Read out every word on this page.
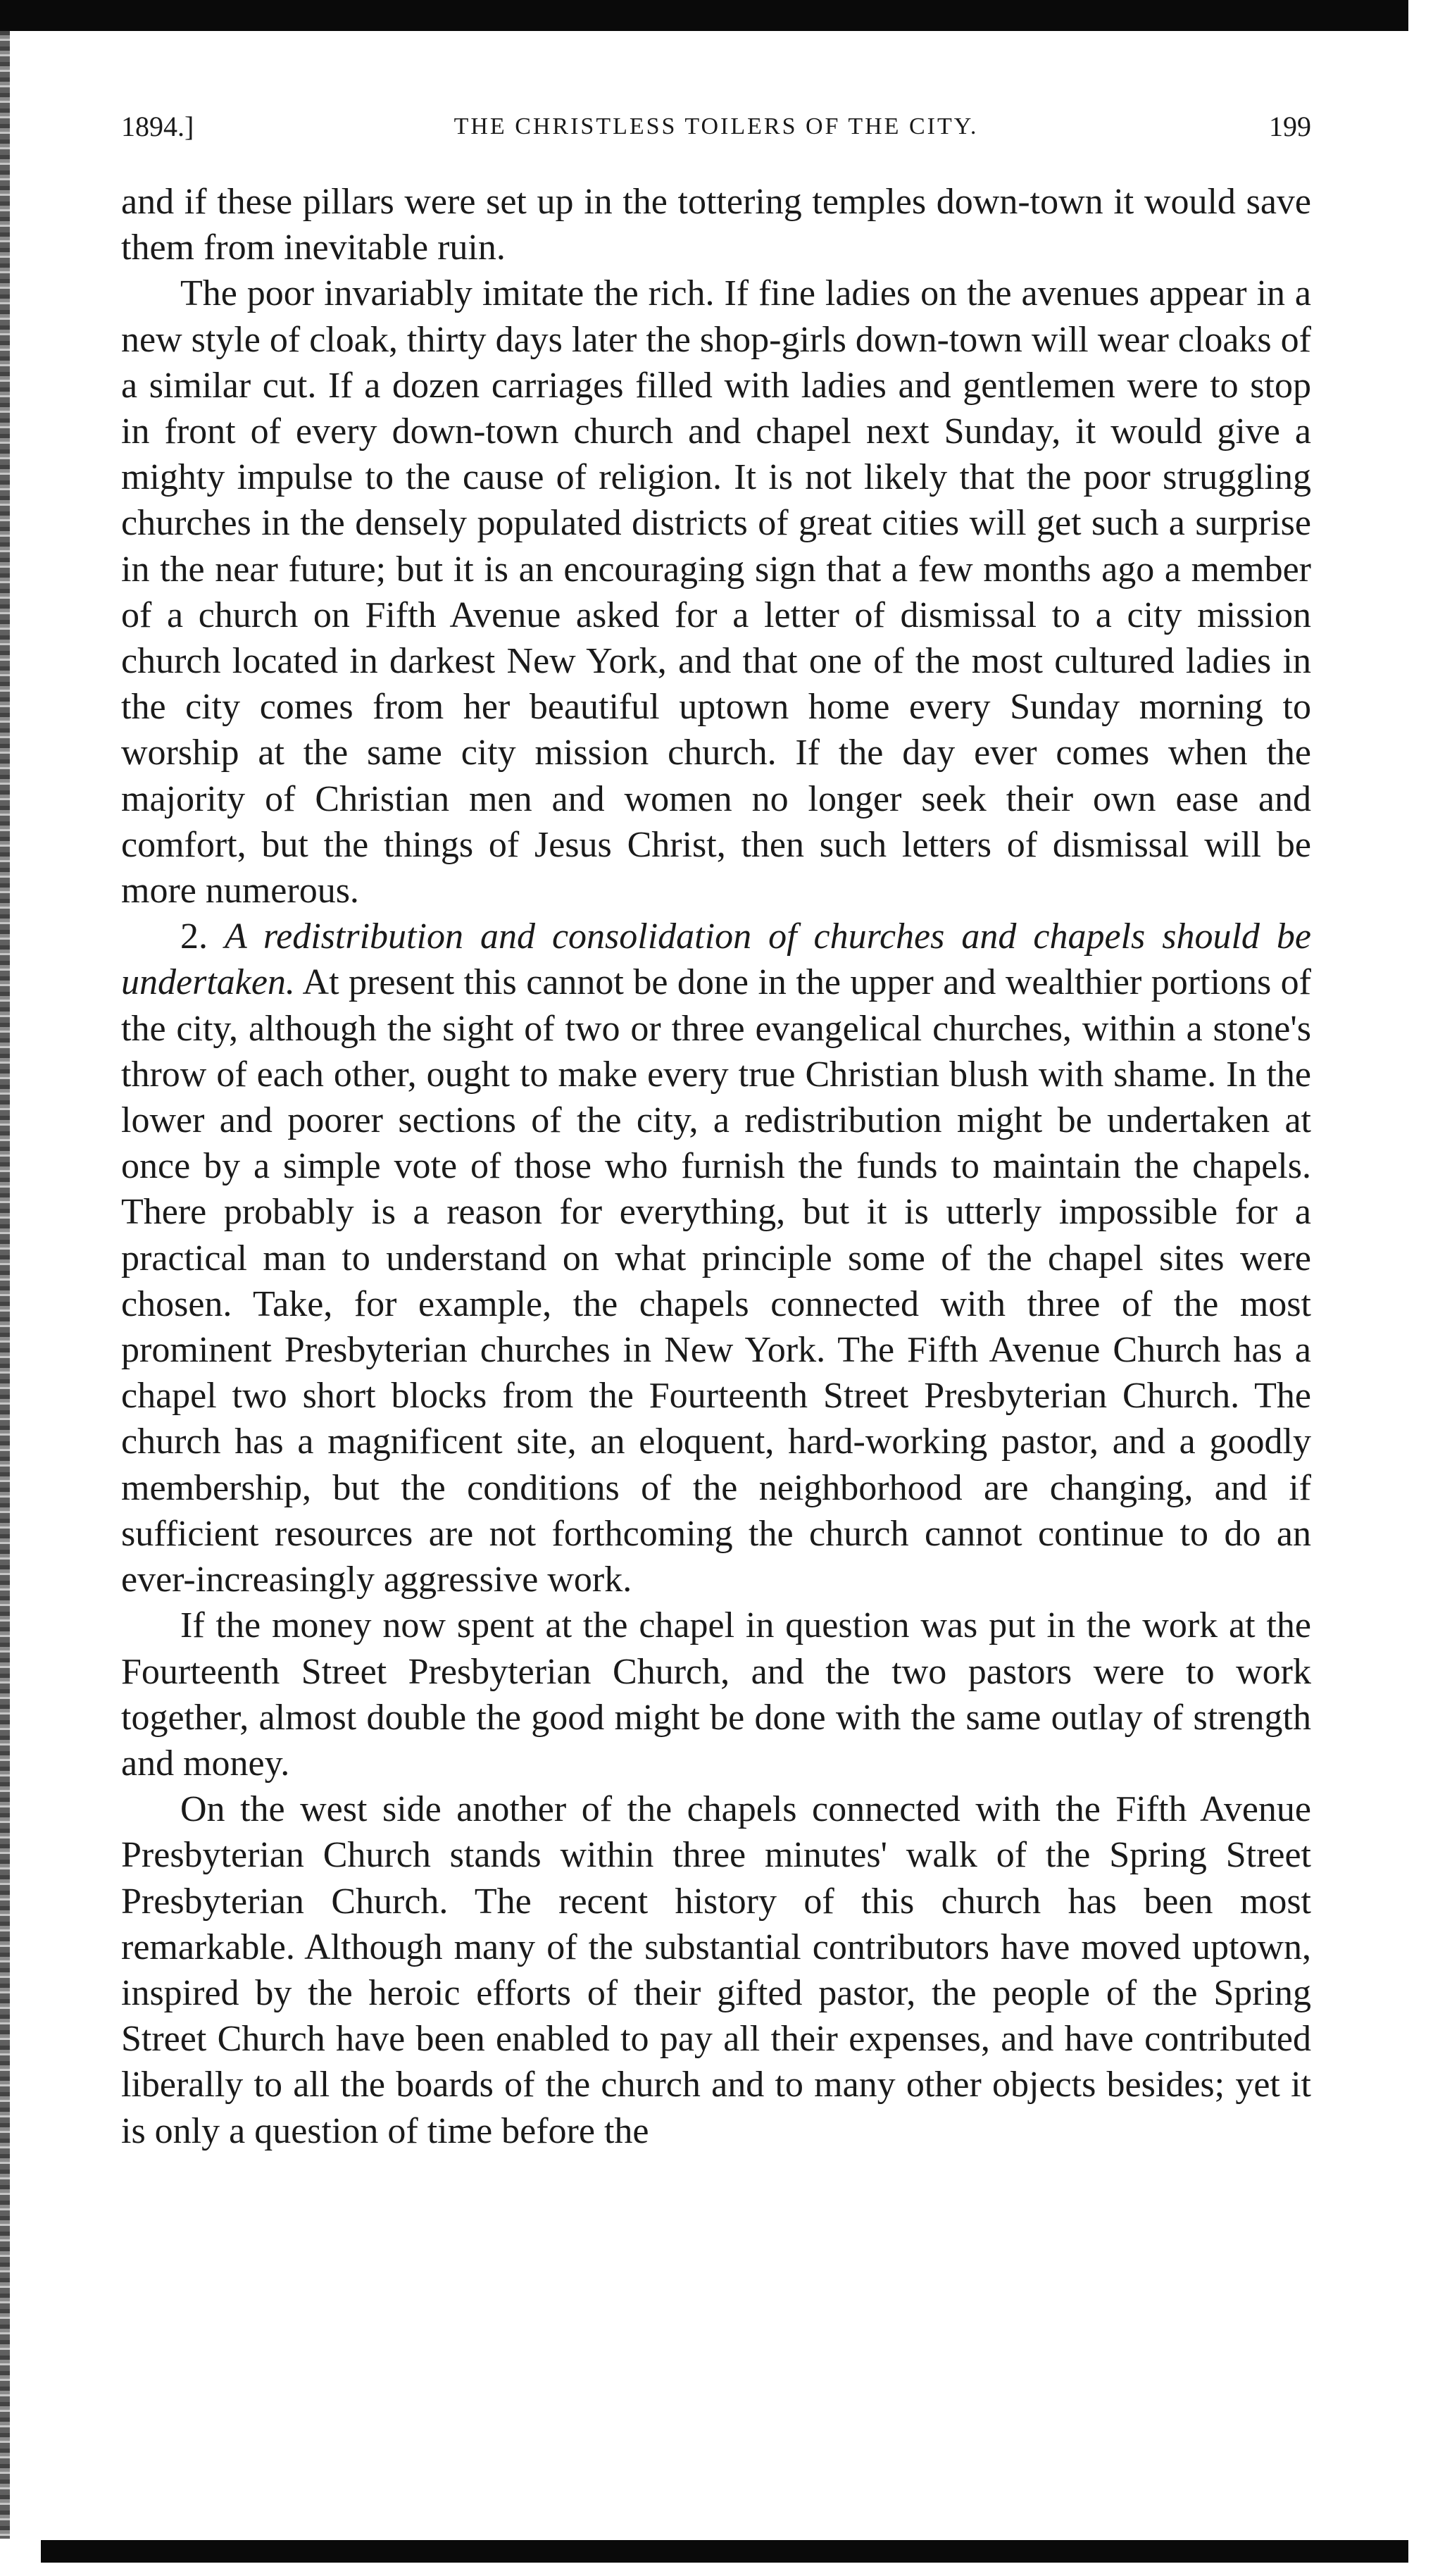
1894.]	THE CHRISTLESS TOILERS OF THE CITY.	199

and if these pillars were set up in the tottering temples down-town it would save them from inevitable ruin.

The poor invariably imitate the rich. If fine ladies on the avenues appear in a new style of cloak, thirty days later the shop-girls down-town will wear cloaks of a similar cut. If a dozen carriages filled with ladies and gentlemen were to stop in front of every down-town church and chapel next Sunday, it would give a mighty impulse to the cause of religion. It is not likely that the poor struggling churches in the densely populated districts of great cities will get such a surprise in the near future; but it is an encouraging sign that a few months ago a member of a church on Fifth Avenue asked for a letter of dismissal to a city mission church located in darkest New York, and that one of the most cultured ladies in the city comes from her beautiful uptown home every Sunday morning to worship at the same city mission church. If the day ever comes when the majority of Christian men and women no longer seek their own ease and comfort, but the things of Jesus Christ, then such letters of dismissal will be more numerous.

2. A redistribution and consolidation of churches and chapels should be undertaken. At present this cannot be done in the upper and wealthier portions of the city, although the sight of two or three evangelical churches, within a stone's throw of each other, ought to make every true Christian blush with shame. In the lower and poorer sections of the city, a redistribution might be undertaken at once by a simple vote of those who furnish the funds to maintain the chapels. There probably is a reason for everything, but it is utterly impossible for a practical man to understand on what principle some of the chapel sites were chosen. Take, for example, the chapels connected with three of the most prominent Presbyterian churches in New York. The Fifth Avenue Church has a chapel two short blocks from the Fourteenth Street Presbyterian Church. The church has a magnificent site, an eloquent, hard-working pastor, and a goodly membership, but the conditions of the neighborhood are changing, and if sufficient resources are not forthcoming the church cannot continue to do an ever-increasingly aggressive work.

If the money now spent at the chapel in question was put in the work at the Fourteenth Street Presbyterian Church, and the two pastors were to work together, almost double the good might be done with the same outlay of strength and money.

On the west side another of the chapels connected with the Fifth Avenue Presbyterian Church stands within three minutes' walk of the Spring Street Presbyterian Church. The recent history of this church has been most remarkable. Although many of the substantial contributors have moved uptown, inspired by the heroic efforts of their gifted pastor, the people of the Spring Street Church have been enabled to pay all their expenses, and have contributed liberally to all the boards of the church and to many other objects besides; yet it is only a question of time before the
